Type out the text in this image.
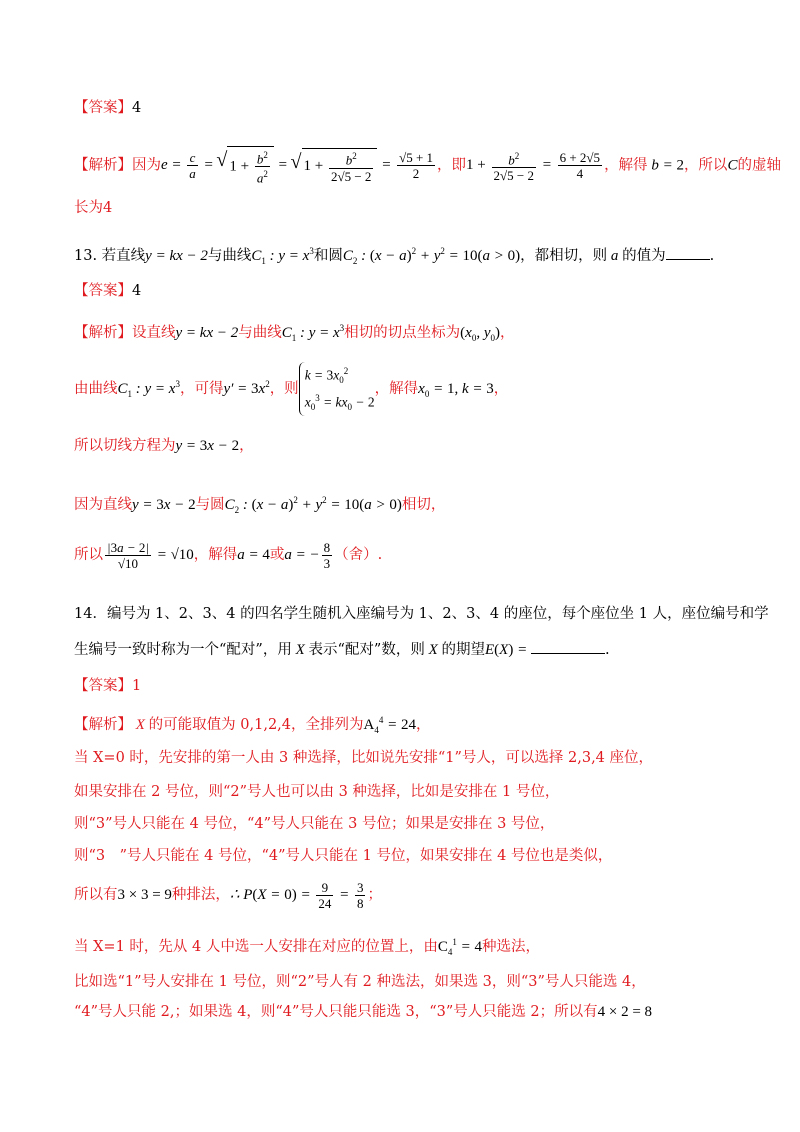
【答案】4
【解析】因为$e = \frac{c}{a}$ = √ $1 + \frac{b^2}{a^2}$ = √ $1 + \frac{b^2}{2√5 - 2} = \frac{√5 + 1}{2}$ ，即$1 + \frac{b^2}{2√5 - 2} = \frac{6 + 2√5}{4}$ ，解得 b = 2，所以C的虚轴
长为4
13. 若直线y = kx − 2与曲线$C_1$ : $y = x^3$和圆$C_2$ : $(x - a)^2 + y^2 = 10(a > 0)$，都相切，则 a 的值为	.
【答案】4
【解析】设直线y = kx − 2与曲线$C_1$ : $y = x^3$相切的切点坐标为($x_0$, $y_0$)，
由曲线$C_1$ : $y = x^3$，可得$y' = 3x^2$，则
$k = 3x_0^2$
$x_0^3 = kx_0 - 2$
，解得$x_0 = 1$, k = 3，
所以切线方程为y = 3x − 2，
因为直线y = 3x − 2与圆$C_2$ : $(x - a)^2 + y^2 = 10(a > 0)$相切，
所以 $\frac{|3a - 2|}{√10} = √10$，解得a = 4或a = − $\frac{8}{3}$ （舍）.
14．编号为 1、2、3、4 的四名学生随机入座编号为 1、2、3、4 的座位，每个座位坐 1 人，座位编号和学
生编号一致时称为一个“配对”，用 X 表示“配对”数，则 X 的期望E(X) =	.
【答案】1
【解析】 X 的可能取值为 0,1,2,4，全排列为$A_4^4 = 24$，
当 X=0 时，先安排的第一人由 3 种选择，比如说先安排“1”号人，可以选择 2,3,4 座位，
如果安排在 2 号位，则“2”号人也可以由 3 种选择，比如是安排在 1 号位，
则“3”号人只能在 4 号位，“4”号人只能在 3 号位；如果是安排在 3 号位，
则“3　”号人只能在 4 号位，“4”号人只能在 1 号位，如果安排在 4 号位也是类似，
所以有3 × 3 = 9种排法，∴ $P(X = 0) = \frac{9}{24} = \frac{3}{8}$ ；
当 X=1 时，先从 4 人中选一人安排在对应的位置上，由$C_4^1 = 4$种选法，
比如选“1”号人安排在 1 号位，则“2”号人有 2 种选法，如果选 3，则“3”号人只能选 4，
“4”号人只能 2,；如果选 4，则“4”号人只能只能选 3，“3”号人只能选 2；所以有4 × 2 = 8
